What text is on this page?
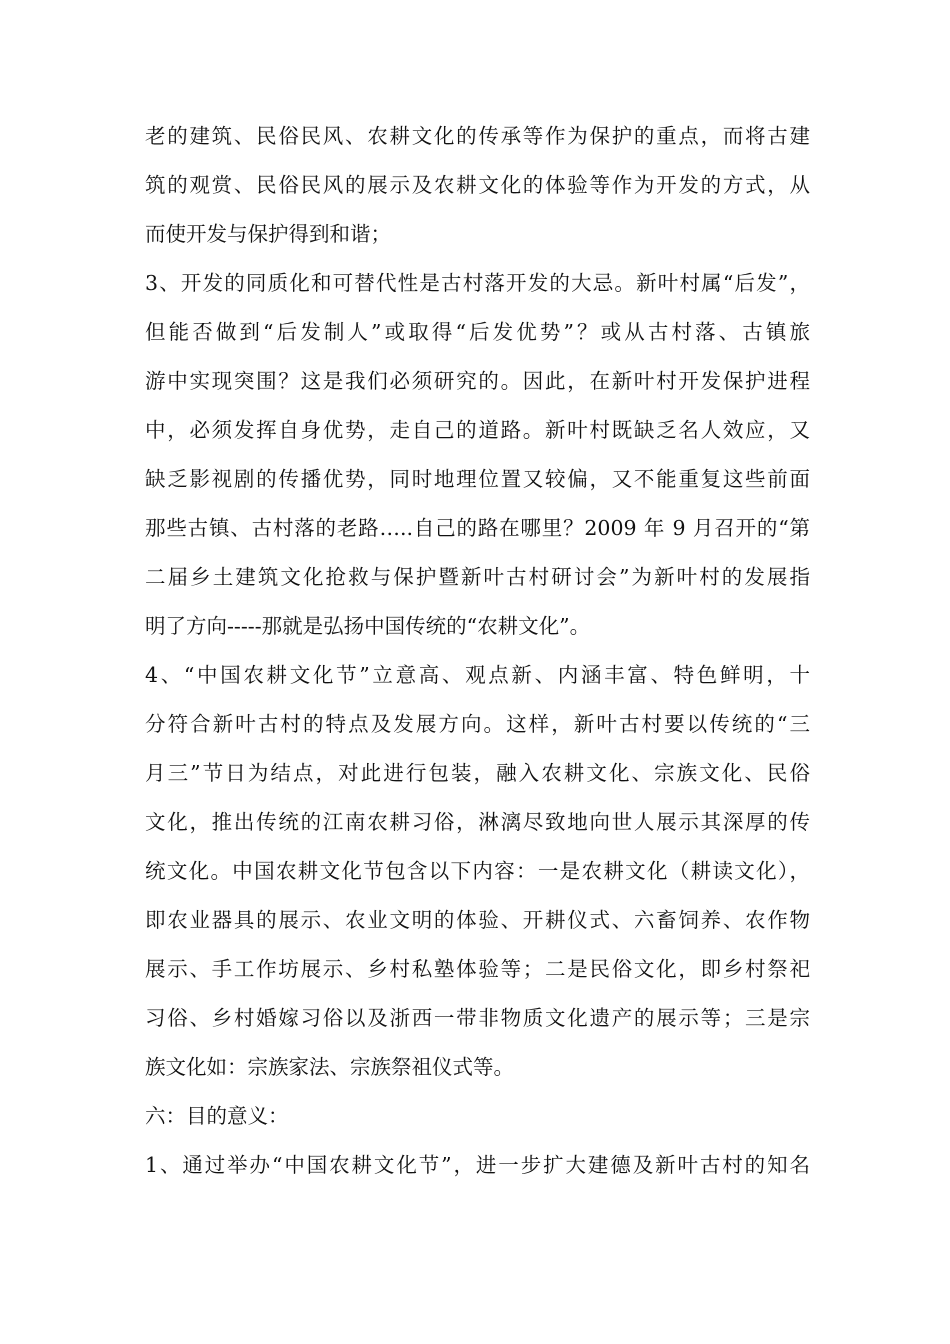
老的建筑、民俗民风、农耕文化的传承等作为保护的重点，而将古建
筑的观赏、民俗民风的展示及农耕文化的体验等作为开发的方式，从
而使开发与保护得到和谐；
3、开发的同质化和可替代性是古村落开发的大忌。新叶村属“后发”，
但能否做到“后发制人”或取得“后发优势”？或从古村落、古镇旅
游中实现突围？这是我们必须研究的。因此，在新叶村开发保护进程
中，必须发挥自身优势，走自己的道路。新叶村既缺乏名人效应，又
缺乏影视剧的传播优势，同时地理位置又较偏，又不能重复这些前面
那些古镇、古村落的老路…..自己的路在哪里？2009 年 9 月召开的“第
二届乡土建筑文化抢救与保护暨新叶古村研讨会”为新叶村的发展指
明了方向-----那就是弘扬中国传统的“农耕文化”。
4、“中国农耕文化节”立意高、观点新、内涵丰富、特色鲜明，十
分符合新叶古村的特点及发展方向。这样，新叶古村要以传统的“三
月三”节日为结点，对此进行包装，融入农耕文化、宗族文化、民俗
文化，推出传统的江南农耕习俗，淋漓尽致地向世人展示其深厚的传
统文化。中国农耕文化节包含以下内容：一是农耕文化（耕读文化），
即农业器具的展示、农业文明的体验、开耕仪式、六畜饲养、农作物
展示、手工作坊展示、乡村私塾体验等；二是民俗文化，即乡村祭祀
习俗、乡村婚嫁习俗以及浙西一带非物质文化遗产的展示等；三是宗
族文化如：宗族家法、宗族祭祖仪式等。
六：目的意义：
1、通过举办“中国农耕文化节”，进一步扩大建德及新叶古村的知名
